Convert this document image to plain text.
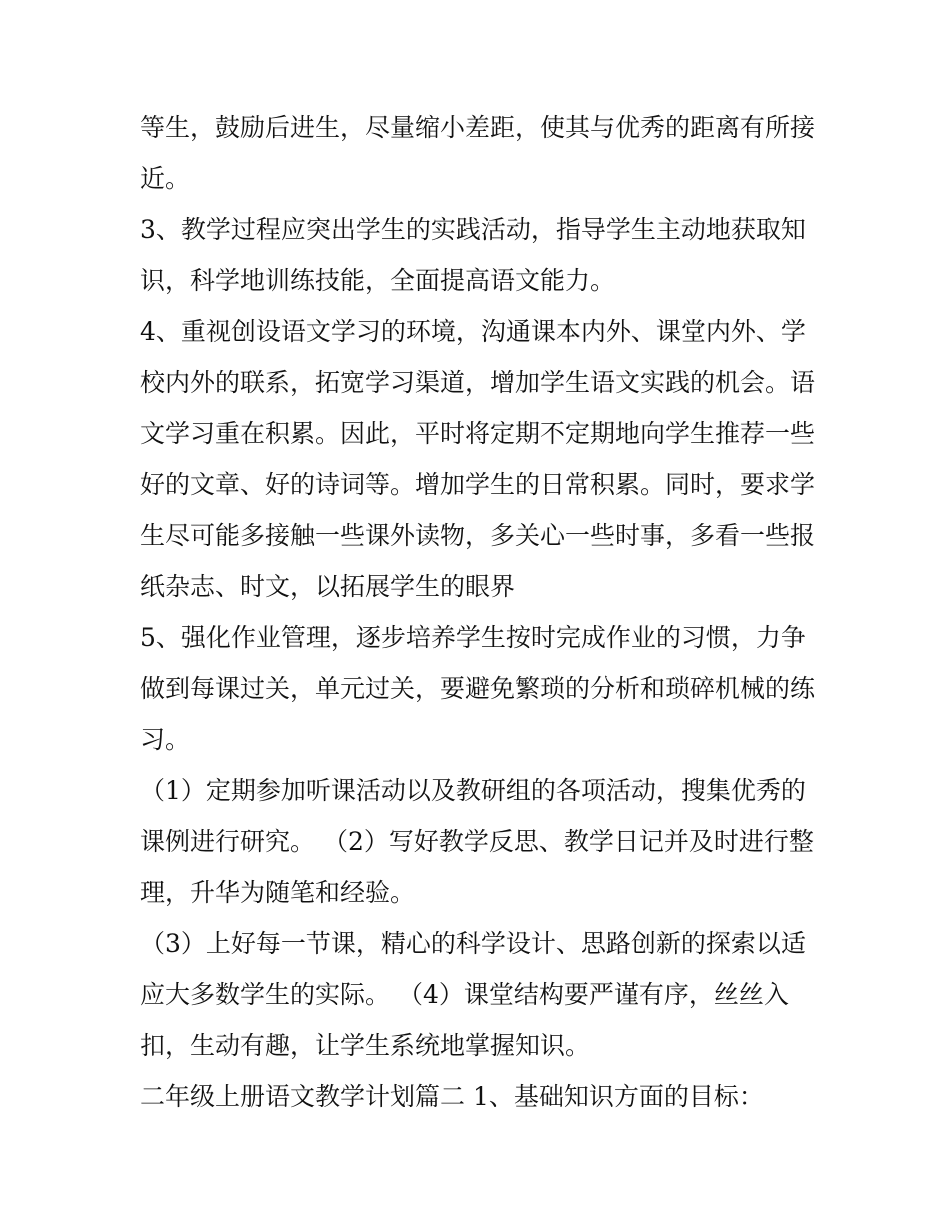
等生，鼓励后进生，尽量缩小差距，使其与优秀的距离有所接
近。
3、教学过程应突出学生的实践活动，指导学生主动地获取知
识，科学地训练技能，全面提高语文能力。
4、重视创设语文学习的环境，沟通课本内外、课堂内外、学
校内外的联系，拓宽学习渠道，增加学生语文实践的机会。语
文学习重在积累。因此，平时将定期不定期地向学生推荐一些
好的文章、好的诗词等。增加学生的日常积累。同时，要求学
生尽可能多接触一些课外读物，多关心一些时事，多看一些报
纸杂志、时文，以拓展学生的眼界
5、强化作业管理，逐步培养学生按时完成作业的习惯，力争
做到每课过关，单元过关，要避免繁琐的分析和琐碎机械的练
习。
（1）定期参加听课活动以及教研组的各项活动，搜集优秀的
课例进行研究。 （2）写好教学反思、教学日记并及时进行整
理，升华为随笔和经验。
（3）上好每一节课，精心的科学设计、思路创新的探索以适
应大多数学生的实际。 （4）课堂结构要严谨有序，丝丝入
扣，生动有趣，让学生系统地掌握知识。
二年级上册语文教学计划篇二 1、基础知识方面的目标：
